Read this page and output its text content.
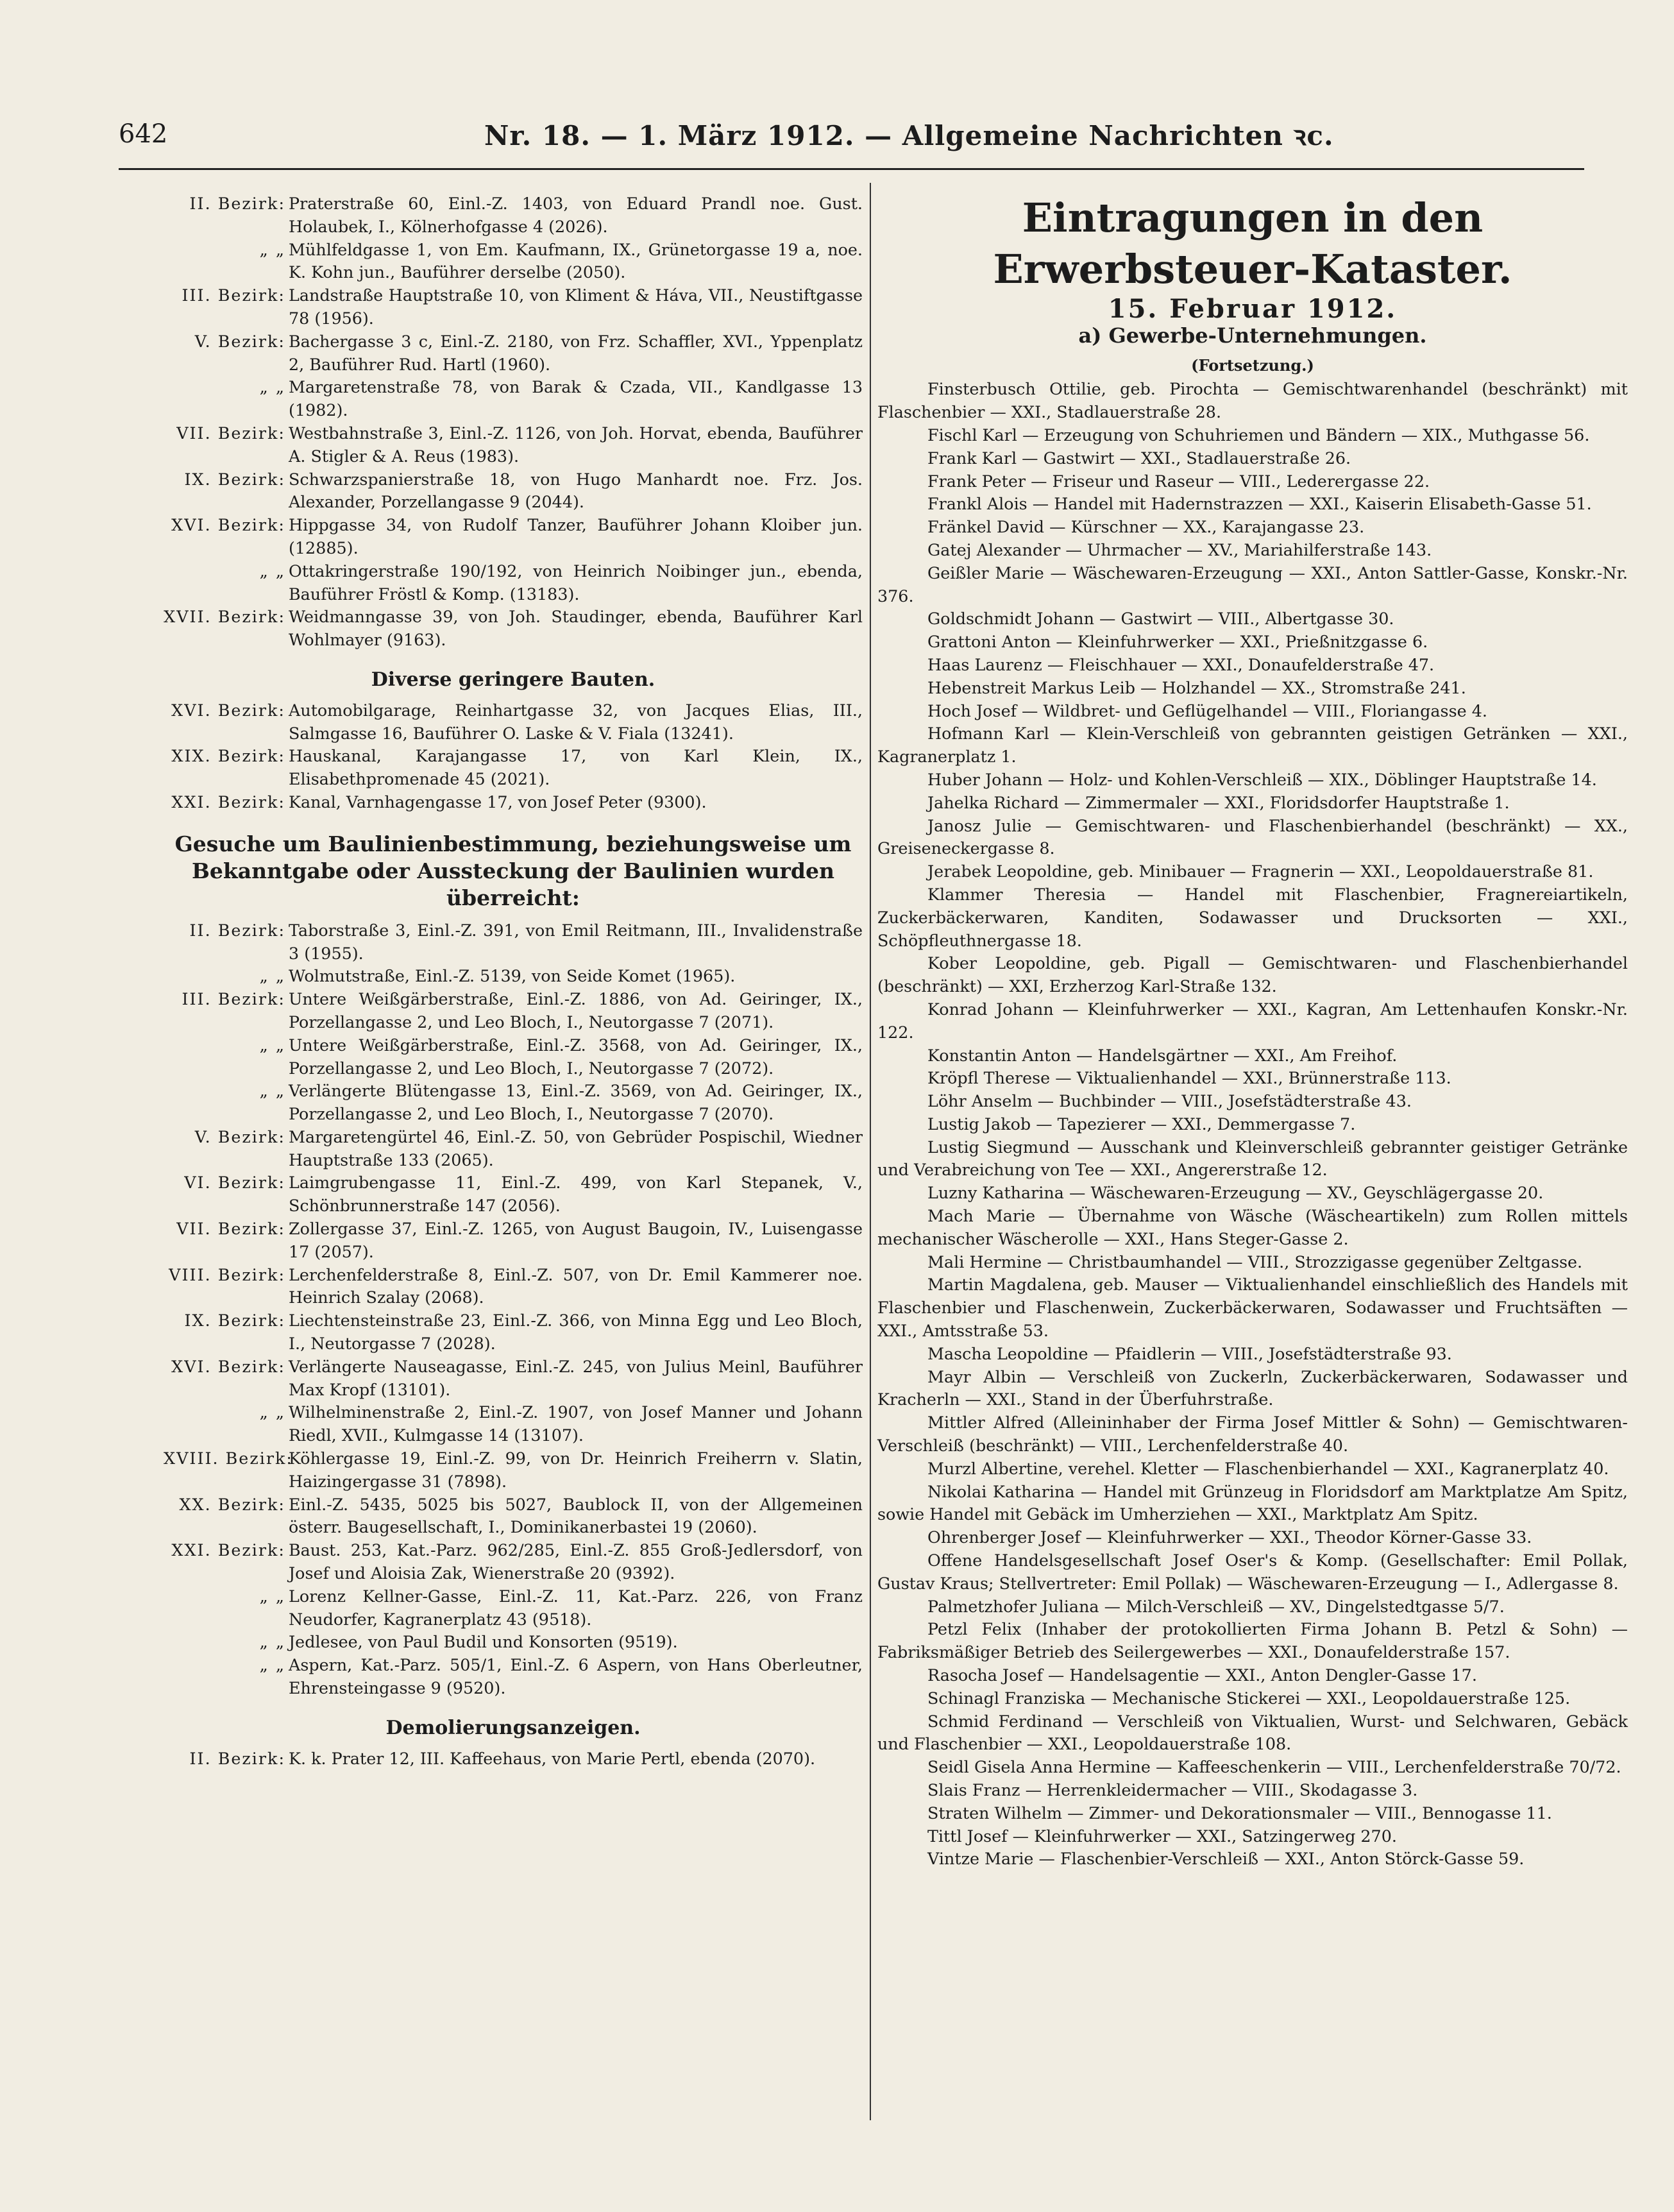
642	Nr. 18. — 1. März 1912. — Allgemeine Nachrichten ꝛc.

II. Bezirk: Praterstraße 60, Einl.-Z. 1403, von Eduard Prandl noe. Gust. Holaubek, I., Kölnerhofgasse 4 (2026).

„ „ Mühlfeldgasse 1, von Em. Kaufmann, IX., Grünetorgasse 19 a, noe. K. Kohn jun., Bauführer derselbe (2050).

III. Bezirk: Landstraße Hauptstraße 10, von Kliment & Háva, VII., Neustiftgasse 78 (1956).

V. Bezirk: Bachergasse 3 c, Einl.-Z. 2180, von Frz. Schaffler, XVI., Yppenplatz 2, Bauführer Rud. Hartl (1960).

„ „ Margaretenstraße 78, von Barak & Czada, VII., Kandlgasse 13 (1982).

VII. Bezirk: Westbahnstraße 3, Einl.-Z. 1126, von Joh. Horvat, ebenda, Bauführer A. Stigler & A. Reus (1983).

IX. Bezirk: Schwarzspanierstraße 18, von Hugo Manhardt noe. Frz. Jos. Alexander, Porzellangasse 9 (2044).

XVI. Bezirk: Hippgasse 34, von Rudolf Tanzer, Bauführer Johann Kloiber jun. (12885).

„ „ Ottakringerstraße 190/192, von Heinrich Noibinger jun., ebenda, Bauführer Fröstl & Komp. (13183).

XVII. Bezirk: Weidmanngasse 39, von Joh. Staudinger, ebenda, Bauführer Karl Wohlmayer (9163).

Diverse geringere Bauten.

XVI. Bezirk: Automobilgarage, Reinhartgasse 32, von Jacques Elias, III., Salmgasse 16, Bauführer O. Laske & V. Fiala (13241).

XIX. Bezirk: Hauskanal, Karajangasse 17, von Karl Klein, IX., Elisabethpromenade 45 (2021).

XXI. Bezirk: Kanal, Varnhagengasse 17, von Josef Peter (9300).

Gesuche um Baulinienbestimmung, beziehungsweise um Bekanntgabe oder Aussteckung der Baulinien wurden überreicht:

II. Bezirk: Taborstraße 3, Einl.-Z. 391, von Emil Reitmann, III., Invalidenstraße 3 (1955).

„ „ Wolmutstraße, Einl.-Z. 5139, von Seide Komet (1965).

III. Bezirk: Untere Weißgärberstraße, Einl.-Z. 1886, von Ad. Geiringer, IX., Porzellangasse 2, und Leo Bloch, I., Neutorgasse 7 (2071).

„ „ Untere Weißgärberstraße, Einl.-Z. 3568, von Ad. Geiringer, IX., Porzellangasse 2, und Leo Bloch, I., Neutorgasse 7 (2072).

„ „ Verlängerte Blütengasse 13, Einl.-Z. 3569, von Ad. Geiringer, IX., Porzellangasse 2, und Leo Bloch, I., Neutorgasse 7 (2070).

V. Bezirk: Margaretengürtel 46, Einl.-Z. 50, von Gebrüder Pospischil, Wiedner Hauptstraße 133 (2065).

VI. Bezirk: Laimgrubengasse 11, Einl.-Z. 499, von Karl Stepanek, V., Schönbrunnerstraße 147 (2056).

VII. Bezirk: Zollergasse 37, Einl.-Z. 1265, von August Baugoin, IV., Luisengasse 17 (2057).

VIII. Bezirk: Lerchenfelderstraße 8, Einl.-Z. 507, von Dr. Emil Kammerer noe. Heinrich Szalay (2068).

IX. Bezirk: Liechtensteinstraße 23, Einl.-Z. 366, von Minna Egg und Leo Bloch, I., Neutorgasse 7 (2028).

XVI. Bezirk: Verlängerte Nauseagasse, Einl.-Z. 245, von Julius Meinl, Bauführer Max Kropf (13101).

„ „ Wilhelminenstraße 2, Einl.-Z. 1907, von Josef Manner und Johann Riedl, XVII., Kulmgasse 14 (13107).

XVIII. Bezirk:
Köhlergasse 19, Einl.-Z. 99, von Dr. Heinrich Freiherrn v. Slatin, Haizingergasse 31 (7898).

XX. Bezirk: Einl.-Z. 5435, 5025 bis 5027, Baublock II, von der Allgemeinen österr. Baugesellschaft, I., Dominikanerbastei 19 (2060).

XXI. Bezirk: Baust. 253, Kat.-Parz. 962/285, Einl.-Z. 855 Groß-Jedlersdorf, von Josef und Aloisia Zak, Wienerstraße 20 (9392).

„ „ Lorenz Kellner-Gasse, Einl.-Z. 11, Kat.-Parz. 226, von Franz Neudorfer, Kagranerplatz 43 (9518).

„ „ Jedlesee, von Paul Budil und Konsorten (9519).

„ „ Aspern, Kat.-Parz. 505/1, Einl.-Z. 6 Aspern, von Hans Oberleutner, Ehrensteingasse 9 (9520).

Demolierungsanzeigen.

II. Bezirk: K. k. Prater 12, III. Kaffeehaus, von Marie Pertl, ebenda (2070).

Eintragungen in den Erwerbsteuer-Kataster.
15. Februar 1912.
a) Gewerbe-Unternehmungen.
(Fortsetzung.)

Finsterbusch Ottilie, geb. Pirochta — Gemischtwarenhandel (beschränkt) mit Flaschenbier — XXI., Stadlauerstraße 28.

Fischl Karl — Erzeugung von Schuhriemen und Bändern — XIX., Muthgasse 56.

Frank Karl — Gastwirt — XXI., Stadlauerstraße 26.

Frank Peter — Friseur und Raseur — VIII., Lederergasse 22.

Frankl Alois — Handel mit Hadernstrazzen — XXI., Kaiserin Elisabeth-Gasse 51.

Fränkel David — Kürschner — XX., Karajangasse 23.

Gatej Alexander — Uhrmacher — XV., Mariahilferstraße 143.

Geißler Marie — Wäschewaren-Erzeugung — XXI., Anton Sattler-Gasse, Konskr.-Nr. 376.

Goldschmidt Johann — Gastwirt — VIII., Albertgasse 30.

Grattoni Anton — Kleinfuhrwerker — XXI., Prießnitzgasse 6.

Haas Laurenz — Fleischhauer — XXI., Donaufelderstraße 47.

Hebenstreit Markus Leib — Holzhandel — XX., Stromstraße 241.

Hoch Josef — Wildbret- und Geflügelhandel — VIII., Floriangasse 4.

Hofmann Karl — Klein-Verschleiß von gebrannten geistigen Getränken — XXI., Kagranerplatz 1.

Huber Johann — Holz- und Kohlen-Verschleiß — XIX., Döblinger Hauptstraße 14.

Jahelka Richard — Zimmermaler — XXI., Floridsdorfer Hauptstraße 1.

Janosz Julie — Gemischtwaren- und Flaschenbierhandel (beschränkt) — XX., Greiseneckergasse 8.

Jerabek Leopoldine, geb. Minibauer — Fragnerin — XXI., Leopoldauerstraße 81.

Klammer Theresia — Handel mit Flaschenbier, Fragnereiartikeln, Zuckerbäckerwaren, Kanditen, Sodawasser und Drucksorten — XXI., Schöpfleuthnergasse 18.

Kober Leopoldine, geb. Pigall — Gemischtwaren- und Flaschenbierhandel (beschränkt) — XXI, Erzherzog Karl-Straße 132.

Konrad Johann — Kleinfuhrwerker — XXI., Kagran, Am Lettenhaufen Konskr.-Nr. 122.

Konstantin Anton — Handelsgärtner — XXI., Am Freihof.

Kröpfl Therese — Viktualienhandel — XXI., Brünnerstraße 113.

Löhr Anselm — Buchbinder — VIII., Josefstädterstraße 43.

Lustig Jakob — Tapezierer — XXI., Demmergasse 7.

Lustig Siegmund — Ausschank und Kleinverschleiß gebrannter geistiger Getränke und Verabreichung von Tee — XXI., Angererstraße 12.

Luzny Katharina — Wäschewaren-Erzeugung — XV., Geyschlägergasse 20.

Mach Marie — Übernahme von Wäsche (Wäscheartikeln) zum Rollen mittels mechanischer Wäscherolle — XXI., Hans Steger-Gasse 2.

Mali Hermine — Christbaumhandel — VIII., Strozzigasse gegenüber Zeltgasse.

Martin Magdalena, geb. Mauser — Viktualienhandel einschließlich des Handels mit Flaschenbier und Flaschenwein, Zuckerbäckerwaren, Sodawasser und Fruchtsäften — XXI., Amtsstraße 53.

Mascha Leopoldine — Pfaidlerin — VIII., Josefstädterstraße 93.

Mayr Albin — Verschleiß von Zuckerln, Zuckerbäckerwaren, Sodawasser und Kracherln — XXI., Stand in der Überfuhrstraße.

Mittler Alfred (Alleininhaber der Firma Josef Mittler & Sohn) — Gemischtwaren-Verschleiß (beschränkt) — VIII., Lerchenfelderstraße 40.

Murzl Albertine, verehel. Kletter — Flaschenbierhandel — XXI., Kagranerplatz 40.

Nikolai Katharina — Handel mit Grünzeug in Floridsdorf am Marktplatze Am Spitz, sowie Handel mit Gebäck im Umherziehen — XXI., Marktplatz Am Spitz.

Ohrenberger Josef — Kleinfuhrwerker — XXI., Theodor Körner-Gasse 33.

Offene Handelsgesellschaft Josef Oser's & Komp. (Gesellschafter: Emil Pollak, Gustav Kraus; Stellvertreter: Emil Pollak) — Wäschewaren-Erzeugung — I., Adlergasse 8.

Palmetzhofer Juliana — Milch-Verschleiß — XV., Dingelstedtgasse 5/7.

Petzl Felix (Inhaber der protokollierten Firma Johann B. Petzl & Sohn) — Fabriksmäßiger Betrieb des Seilergewerbes — XXI., Donaufelderstraße 157.

Rasocha Josef — Handelsagentie — XXI., Anton Dengler-Gasse 17.

Schinagl Franziska — Mechanische Stickerei — XXI., Leopoldauerstraße 125.

Schmid Ferdinand — Verschleiß von Viktualien, Wurst- und Selchwaren, Gebäck und Flaschenbier — XXI., Leopoldauerstraße 108.

Seidl Gisela Anna Hermine — Kaffeeschenkerin — VIII., Lerchenfelderstraße 70/72.

Slais Franz — Herrenkleidermacher — VIII., Skodagasse 3.

Straten Wilhelm — Zimmer- und Dekorationsmaler — VIII., Bennogasse 11.

Tittl Josef — Kleinfuhrwerker — XXI., Satzingerweg 270.

Vintze Marie — Flaschenbier-Verschleiß — XXI., Anton Störck-Gasse 59.
